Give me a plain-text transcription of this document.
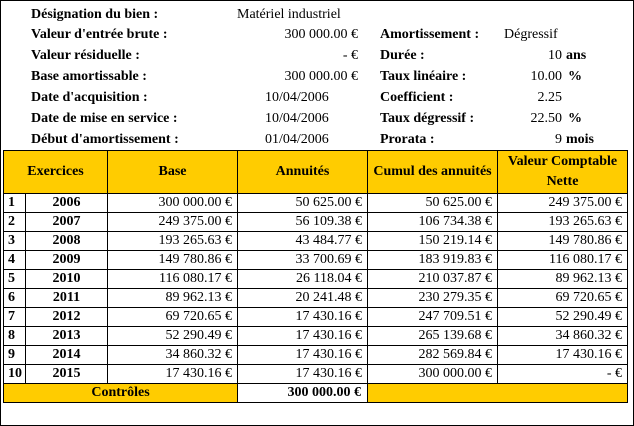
Désignation du bien :	Matériel industriel
Valeur d'entrée brute :	300 000.00 €
Valeur résiduelle :	- €
Base amortissable :	300 000.00 €
Date d'acquisition :	10/04/2006
Date de mise en service :	10/04/2006
Début d'amortissement :	01/04/2006
Amortissement : Dégressif
Durée :	10 ans
Taux linéaire :	10.00 %
Coefficient :	2.25
Taux dégressif :	22.50 %
Prorata :	9 mois
Exercices		Base	Annuités	Cumul des annuités	Valeur Comptable Nette
1	2006	300 000.00 €	50 625.00 €	50 625.00 €	249 375.00 €
2	2007	249 375.00 €	56 109.38 €	106 734.38 €	193 265.63 €
3	2008	193 265.63 €	43 484.77 €	150 219.14 €	149 780.86 €
4	2009	149 780.86 €	33 700.69 €	183 919.83 €	116 080.17 €
5	2010	116 080.17 €	26 118.04 €	210 037.87 €	89 962.13 €
6	2011	89 962.13 €	20 241.48 €	230 279.35 €	69 720.65 €
7	2012	69 720.65 €	17 430.16 €	247 709.51 €	52 290.49 €
8	2013	52 290.49 €	17 430.16 €	265 139.68 €	34 860.32 €
9	2014	34 860.32 €	17 430.16 €	282 569.84 €	17 430.16 €
10	2015	17 430.16 €	17 430.16 €	300 000.00 €	- €
Contrôles			300 000.00 €		
